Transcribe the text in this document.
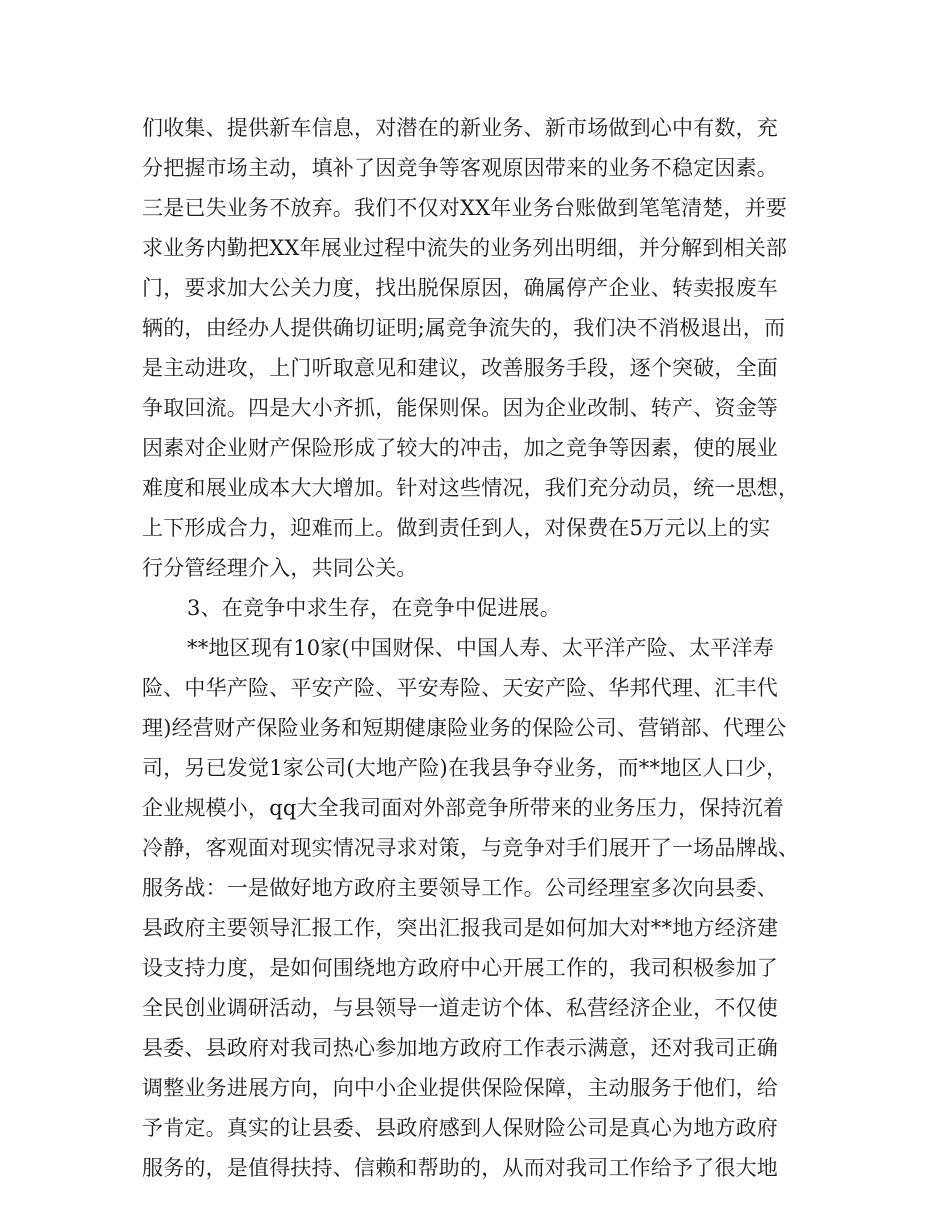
们收集、提供新车信息，对潜在的新业务、新市场做到心中有数，充
分把握市场主动，填补了因竞争等客观原因带来的业务不稳定因素。
三是已失业务不放弃。我们不仅对XX年业务台账做到笔笔清楚，并要
求业务内勤把XX年展业过程中流失的业务列出明细，并分解到相关部
门，要求加大公关力度，找出脱保原因，确属停产企业、转卖报废车
辆的，由经办人提供确切证明;属竞争流失的，我们决不消极退出，而
是主动进攻，上门听取意见和建议，改善服务手段，逐个突破，全面
争取回流。四是大小齐抓，能保则保。因为企业改制、转产、资金等
因素对企业财产保险形成了较大的冲击，加之竞争等因素，使的展业
难度和展业成本大大增加。针对这些情况，我们充分动员，统一思想，
上下形成合力，迎难而上。做到责任到人，对保费在5万元以上的实
行分管经理介入，共同公关。
3、在竞争中求生存，在竞争中促进展。
**地区现有10家(中国财保、中国人寿、太平洋产险、太平洋寿
险、中华产险、平安产险、平安寿险、天安产险、华邦代理、汇丰代
理)经营财产保险业务和短期健康险业务的保险公司、营销部、代理公
司，另已发觉1家公司(大地产险)在我县争夺业务，而**地区人口少，
企业规模小，qq大全我司面对外部竞争所带来的业务压力，保持沉着
冷静，客观面对现实情况寻求对策，与竞争对手们展开了一场品牌战、
服务战：一是做好地方政府主要领导工作。公司经理室多次向县委、
县政府主要领导汇报工作，突出汇报我司是如何加大对**地方经济建
设支持力度，是如何围绕地方政府中心开展工作的，我司积极参加了
全民创业调研活动，与县领导一道走访个体、私营经济企业，不仅使
县委、县政府对我司热心参加地方政府工作表示满意，还对我司正确
调整业务进展方向，向中小企业提供保险保障，主动服务于他们，给
予肯定。真实的让县委、县政府感到人保财险公司是真心为地方政府
服务的，是值得扶持、信赖和帮助的，从而对我司工作给予了很大地
